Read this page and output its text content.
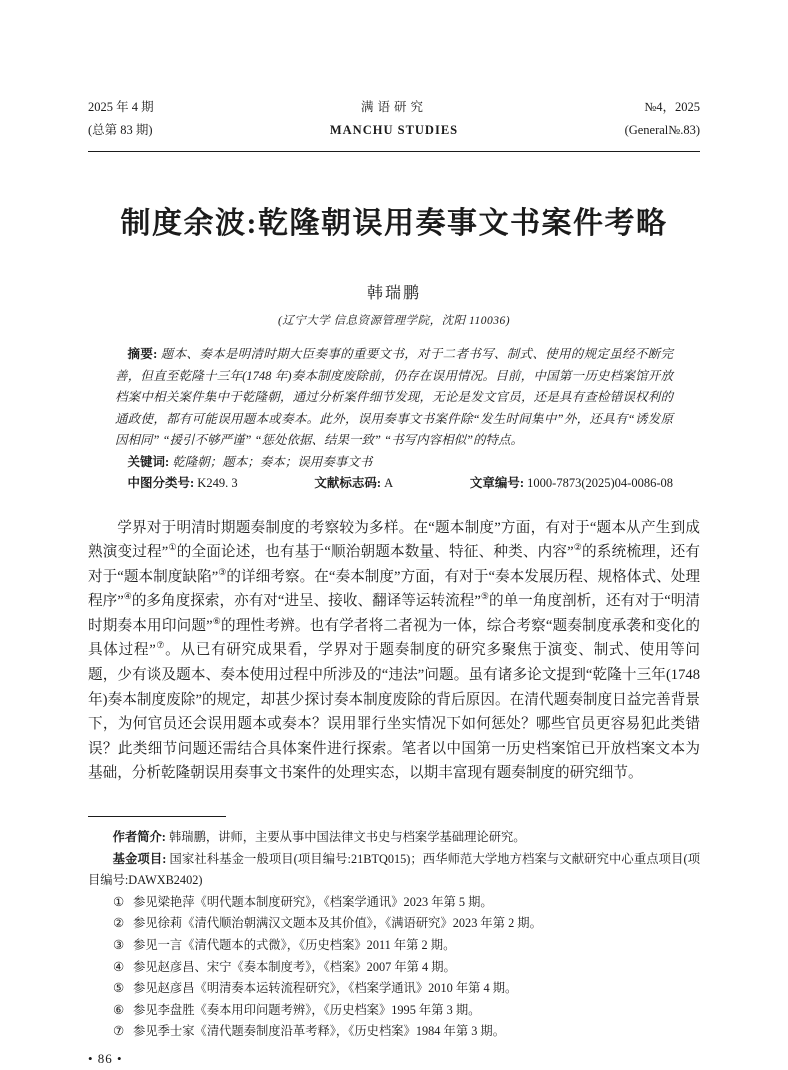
2025 年 4 期
(总第 83 期)
满语研究
MANCHU STUDIES
№4，2025
(General№.83)
制度余波:乾隆朝误用奏事文书案件考略
韩瑞鹏
(辽宁大学 信息资源管理学院，沈阳 110036)

摘要: 题本、奏本是明清时期大臣奏事的重要文书，对于二者书写、制式、使用的规定虽经不断完善，但直至乾隆十三年(1748 年)奏本制度废除前，仍存在误用情况。目前，中国第一历史档案馆开放档案中相关案件集中于乾隆朝，通过分析案件细节发现，无论是发文官员，还是具有查检错误权利的通政使，都有可能误用题本或奏本。此外，误用奏事文书案件除“发生时间集中”外，还具有“诱发原因相同” “援引不够严谨” “惩处依据、结果一致” “书写内容相似”的特点。

关键词: 乾隆朝；题本；奏本；误用奏事文书

中图分类号: K249. 3	文献标志码: A	文章编号: 1000-7873(2025)04-0086-08

学界对于明清时期题奏制度的考察较为多样。在“题本制度”方面，有对于“题本从产生到成熟演变过程”①的全面论述，也有基于“顺治朝题本数量、特征、种类、内容”②的系统梳理，还有对于“题本制度缺陷”③的详细考察。在“奏本制度”方面，有对于“奏本发展历程、规格体式、处理程序”④的多角度探索，亦有对“进呈、接收、翻译等运转流程”⑤的单一角度剖析，还有对于“明清时期奏本用印问题”⑥的理性考辨。也有学者将二者视为一体，综合考察“题奏制度承袭和变化的具体过程”⑦。从已有研究成果看，学界对于题奏制度的研究多聚焦于演变、制式、使用等问题，少有谈及题本、奏本使用过程中所涉及的“违法”问题。虽有诸多论文提到“乾隆十三年(1748 年)奏本制度废除”的规定，却甚少探讨奏本制度废除的背后原因。在清代题奏制度日益完善背景下，为何官员还会误用题本或奏本？误用罪行坐实情况下如何惩处？哪些官员更容易犯此类错误？此类细节问题还需结合具体案件进行探索。笔者以中国第一历史档案馆已开放档案文本为基础，分析乾隆朝误用奏事文书案件的处理实态，以期丰富现有题奏制度的研究细节。

作者简介: 韩瑞鹏，讲师，主要从事中国法律文书史与档案学基础理论研究。

基金项目: 国家社科基金一般项目(项目编号:21BTQ015)；西华师范大学地方档案与文献研究中心重点项目(项目编号:DAWXB2402)

① 参见梁艳萍《明代题本制度研究》，《档案学通讯》2023 年第 5 期。
② 参见徐莉《清代顺治朝满汉文题本及其价值》，《满语研究》2023 年第 2 期。
③ 参见一言《清代题本的式微》，《历史档案》2011 年第 2 期。
④ 参见赵彦昌、宋宁《奏本制度考》，《档案》2007 年第 4 期。
⑤ 参见赵彦昌《明清奏本运转流程研究》，《档案学通讯》2010 年第 4 期。
⑥ 参见李盘胜《奏本用印问题考辨》，《历史档案》1995 年第 3 期。
⑦ 参见季士家《清代题奏制度沿革考释》，《历史档案》1984 年第 3 期。
• 86 •
